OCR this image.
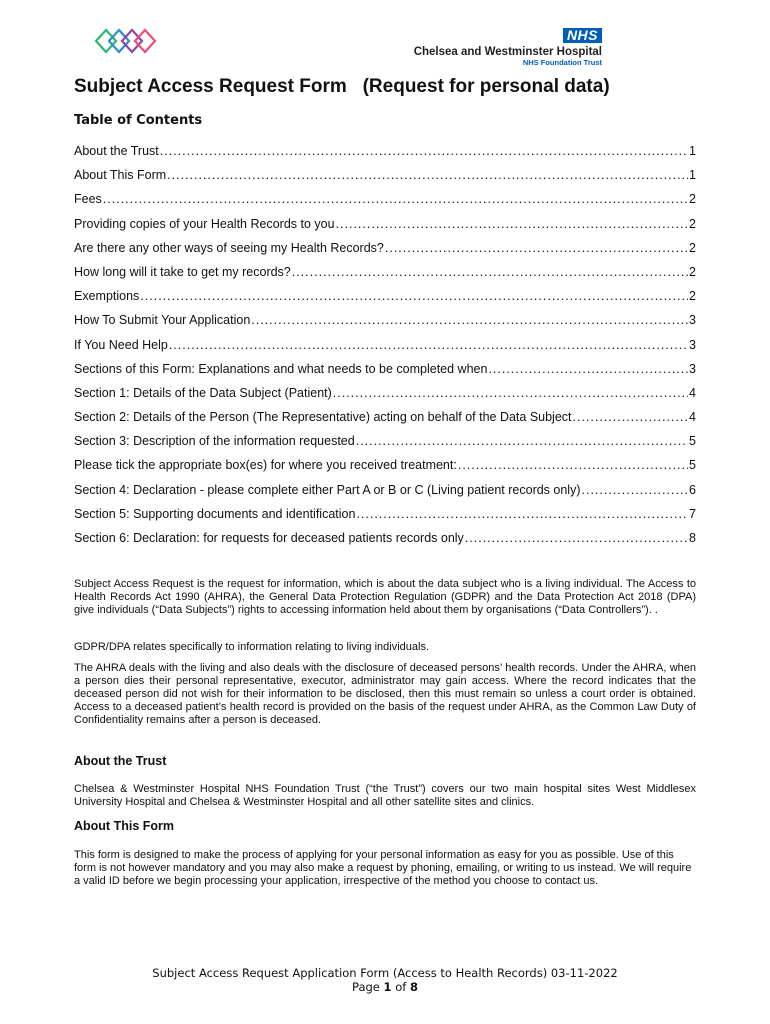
NHS
Chelsea and Westminster Hospital
NHS Foundation Trust
Subject Access Request Form   (Request for personal data)
Table of Contents
About the Trust .....	1
About This Form .....	1
Fees .....	2
Providing copies of your Health Records to you .....	2
Are there any other ways of seeing my Health Records? .....	2
How long will it take to get my records? .....	2
Exemptions .....	2
How To Submit Your Application .....	3
If You Need Help .....	3
Sections of this Form: Explanations and what needs to be completed when .....	3
Section 1: Details of the Data Subject (Patient) .....	4
Section 2: Details of the Person (The Representative) acting on behalf of the Data Subject .....	4
Section 3: Description of the information requested .....	5
Please tick the appropriate box(es) for where you received treatment: .....	5
Section 4: Declaration - please complete either Part A or B or C (Living patient records only) .....	6
Section 5: Supporting documents and identification .....	7
Section 6: Declaration: for requests for deceased patients records only .....	8

Subject Access Request is the request for information, which is about the data subject who is a living individual. The Access to Health Records Act 1990 (AHRA), the General Data Protection Regulation (GDPR) and the Data Protection Act 2018 (DPA) give individuals (“Data Subjects”) rights to accessing information held about them by organisations (“Data Controllers”). .

GDPR/DPA relates specifically to information relating to living individuals.

The AHRA deals with the living and also deals with the disclosure of deceased persons’ health records. Under the AHRA, when a person dies their personal representative, executor, administrator may gain access. Where the record indicates that the deceased person did not wish for their information to be disclosed, then this must remain so unless a court order is obtained. Access to a deceased patient’s health record is provided on the basis of the request under AHRA, as the Common Law Duty of Confidentiality remains after a person is deceased.

About the Trust

Chelsea & Westminster Hospital NHS Foundation Trust (“the Trust”) covers our two main hospital sites West Middlesex University Hospital and Chelsea & Westminster Hospital and all other satellite sites and clinics.

About This Form

This form is designed to make the process of applying for your personal information as easy for you as possible. Use of this form is not however mandatory and you may also make a request by phoning, emailing, or writing to us instead. We will require a valid ID before we begin processing your application, irrespective of the method you choose to contact us.

Subject Access Request Application Form (Access to Health Records) 03-11-2022
Page 1 of 8
